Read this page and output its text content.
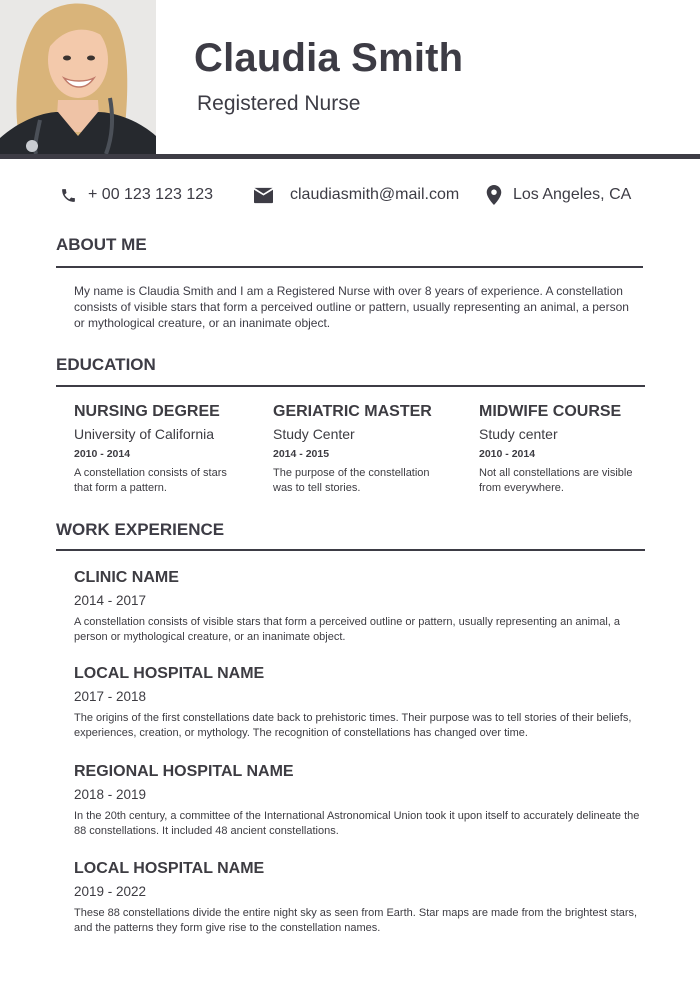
Claudia Smith
Registered Nurse
+ 00 123 123 123	claudiasmith@mail.com	Los Angeles, CA
ABOUT ME
My name is Claudia Smith and I am a Registered Nurse with over 8 years of experience. A constellation consists of visible stars that form a perceived outline or pattern, usually representing an animal, a person or mythological creature, or an inanimate object.
EDUCATION
NURSING DEGREE
University of California
2010 - 2014
A constellation consists of stars that form a pattern.
GERIATRIC MASTER
Study Center
2014 - 2015
The purpose of the constellation was to tell stories.
MIDWIFE COURSE
Study center
2010 - 2014
Not all constellations are visible from everywhere.
WORK EXPERIENCE
CLINIC NAME
2014 - 2017
A constellation consists of visible stars that form a perceived outline or pattern, usually representing an animal, a person or mythological creature, or an inanimate object.
LOCAL HOSPITAL NAME
2017 - 2018
The origins of the first constellations date back to prehistoric times. Their purpose was to tell stories of their beliefs, experiences, creation, or mythology. The recognition of constellations has changed over time.
REGIONAL HOSPITAL NAME
2018 - 2019
In the 20th century, a committee of the International Astronomical Union took it upon itself to accurately delineate the 88 constellations. It included 48 ancient constellations.
LOCAL HOSPITAL NAME
2019 - 2022
These 88 constellations divide the entire night sky as seen from Earth. Star maps are made from the brightest stars, and the patterns they form give rise to the constellation names.
